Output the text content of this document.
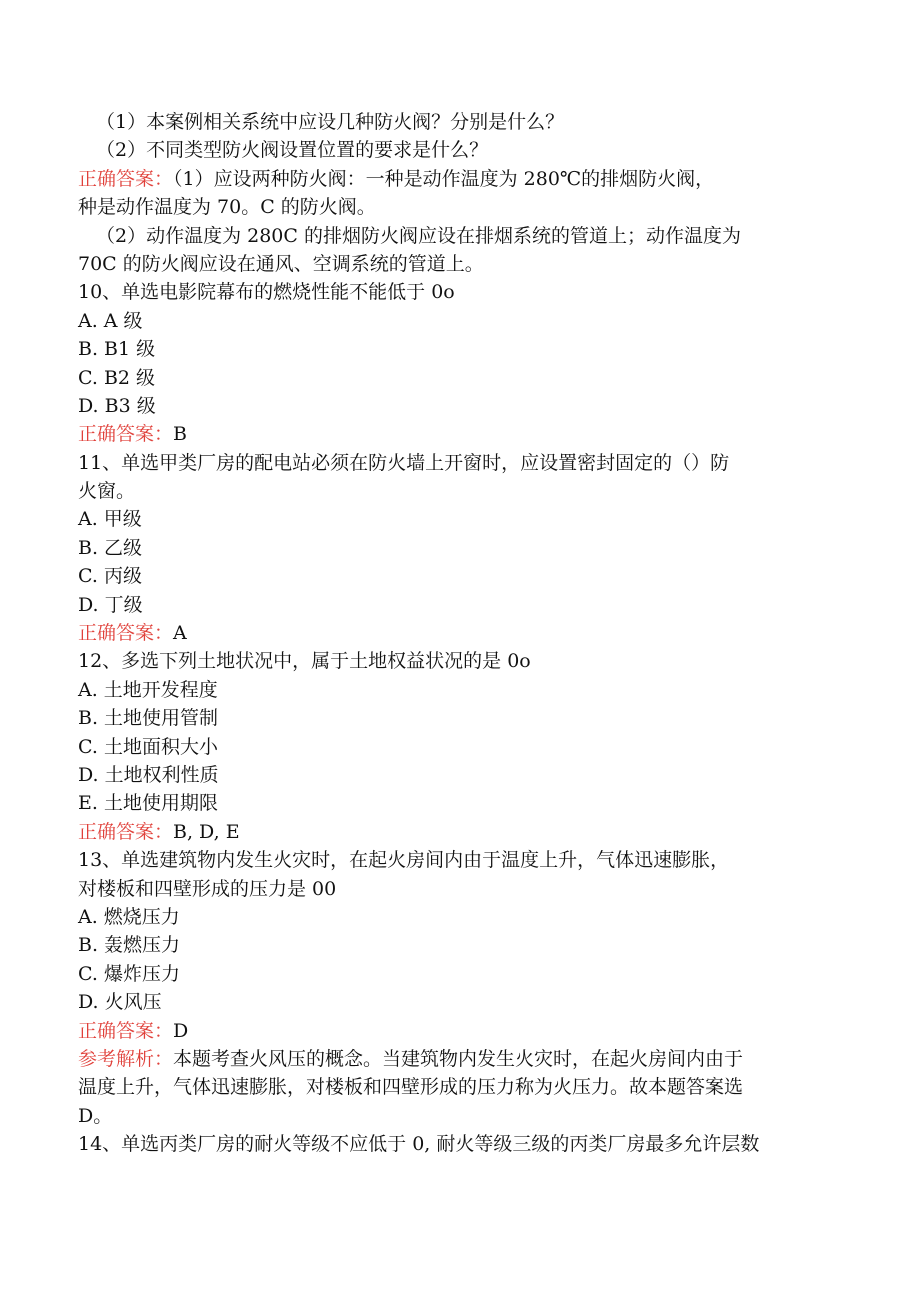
（1）本案例相关系统中应设几种防火阀？分别是什么？
（2）不同类型防火阀设置位置的要求是什么？
正确答案：（1）应设两种防火阀：一种是动作温度为 280℃的排烟防火阀，
种是动作温度为 70。C 的防火阀。
（2）动作温度为 280C 的排烟防火阀应设在排烟系统的管道上；动作温度为
70C 的防火阀应设在通风、空调系统的管道上。
10、单选电影院幕布的燃烧性能不能低于 0o
A. A 级
B. B1 级
C. B2 级
D. B3 级
正确答案：B
11、单选甲类厂房的配电站必须在防火墙上开窗时，应设置密封固定的（）防
火窗。
A. 甲级
B. 乙级
C. 丙级
D. 丁级
正确答案：A
12、多选下列土地状况中，属于土地权益状况的是 0o
A. 土地开发程度
B. 土地使用管制
C. 土地面积大小
D. 土地权利性质
E. 土地使用期限
正确答案：B, D, E
13、单选建筑物内发生火灾时，在起火房间内由于温度上升，气体迅速膨胀，
对楼板和四壁形成的压力是 00
A. 燃烧压力
B. 轰燃压力
C. 爆炸压力
D. 火风压
正确答案：D
参考解析：本题考查火风压的概念。当建筑物内发生火灾时，在起火房间内由于
温度上升，气体迅速膨胀，对楼板和四壁形成的压力称为火压力。故本题答案选
D。
14、单选丙类厂房的耐火等级不应低于 0, 耐火等级三级的丙类厂房最多允许层数
